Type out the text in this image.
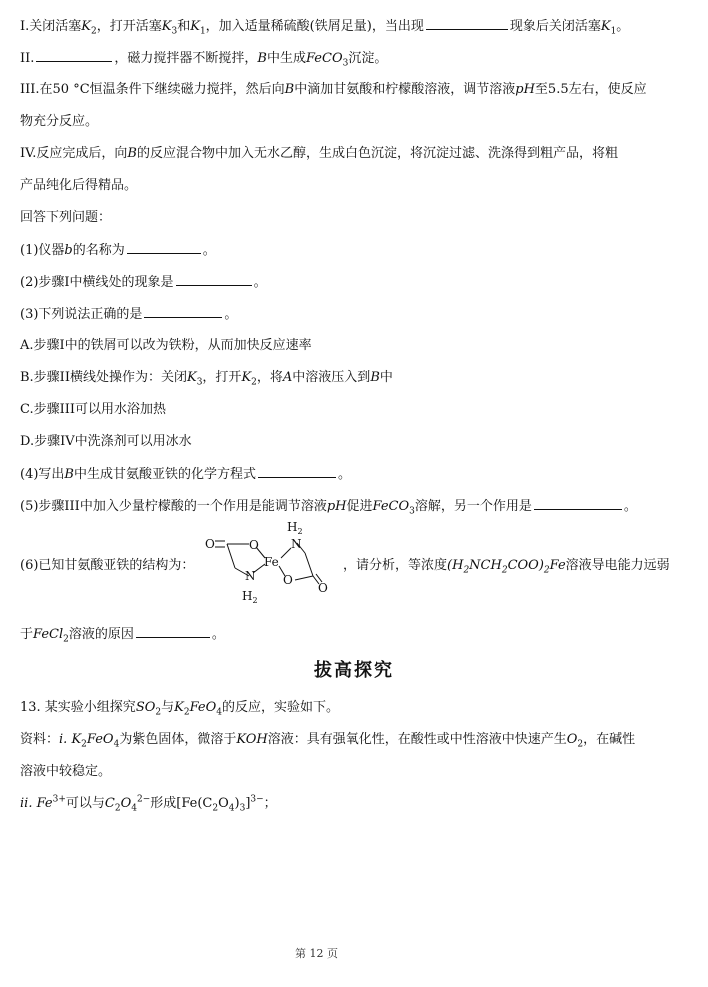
I.关闭活塞$K_2$，打开活塞$K_3$和$K_1$，加入适量稀硫酸(铁屑足量)，当出现	现象后关闭活塞$K_1$。
II.	，磁力搅拌器不断搅拌，B中生成FeCO$_3$沉淀。
III.在50 °C恒温条件下继续磁力搅拌，然后向B中滴加甘氨酸和柠檬酸溶液，调节溶液pH至5.5左右，使反应
物充分反应。
IV.反应完成后，向B的反应混合物中加入无水乙醇，生成白色沉淀，将沉淀过滤、洗涤得到粗产品，将粗
产品纯化后得精品。
回答下列问题：
(1)仪器b的名称为	。
(2)步骤I中横线处的现象是	。
(3)下列说法正确的是	。
A.步骤I中的铁屑可以改为铁粉，从而加快反应速率
B.步骤II横线处操作为：关闭$K_3$，打开$K_2$，将A中溶液压入到B中
C.步骤III可以用水浴加热
D.步骤IV中洗涤剂可以用冰水
(4)写出B中生成甘氨酸亚铁的化学方程式	。
(5)步骤III中加入少量柠檬酸的一个作用是能调节溶液pH促进FeCO$_3$溶解，另一个作用是	。
(6)已知甘氨酸亚铁的结构为：
O	O
Fe
N
$H_2$
N
$H_2$
O
O
，请分析，等浓度$(H_2NCH_2COO)_2Fe$溶液导电能力远弱
于FeCl$_2$溶液的原因	。
拔高探究
13. 某实验小组探究$SO_2$与$K_2FeO_4$的反应，实验如下。
资料：i. $K_2FeO_4$为紫色固体，微溶于KOH溶液：具有强氧化性，在酸性或中性溶液中快速产生$O_2$，在碱性
溶液中较稳定。
ii. $Fe^{3+}$可以与$C_2O_4^{2-}$形成$[Fe(C_2O_4)_3]^{3-}$；
第 12 页
